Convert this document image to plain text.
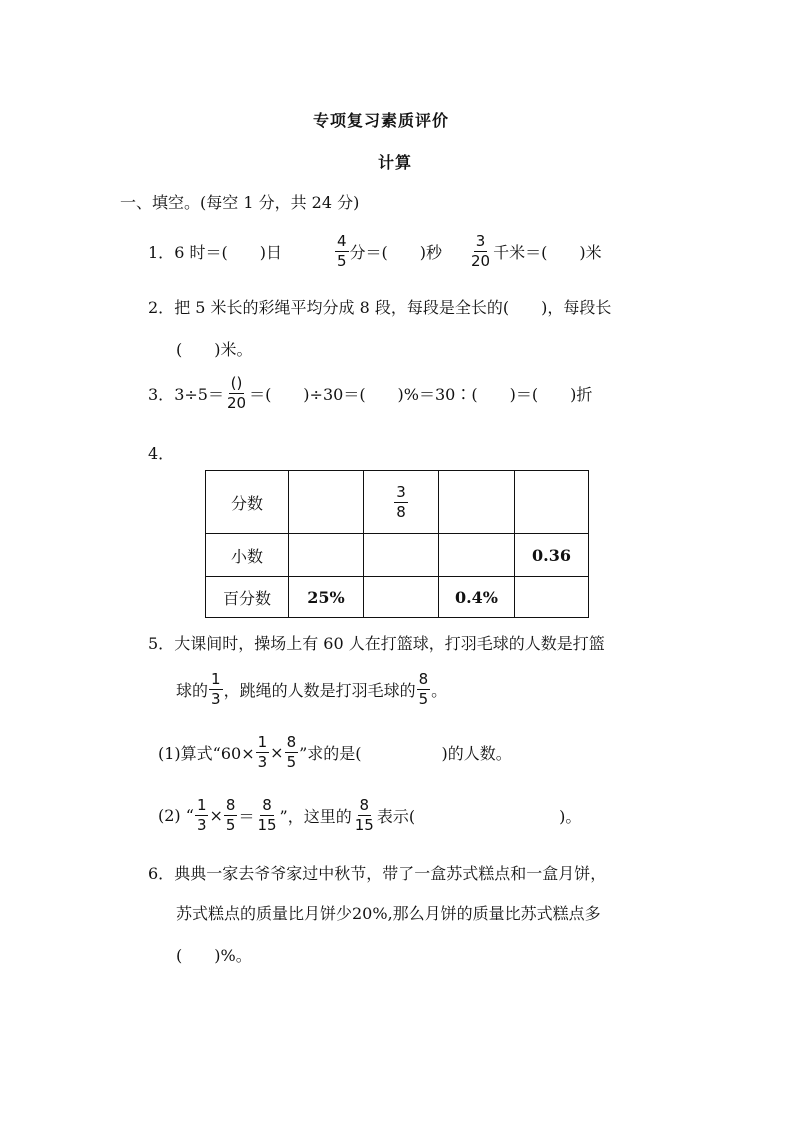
专项复习素质评价
计算
一、填空。(每空 1 分，共 24 分)
1． 6 时＝(　　)日	$\frac{4}{5}$ 分＝(　　)秒 $\frac{3}{20}$ 千米＝(　　)米
2．把 5 米长的彩绳平均分成 8 段，每段是全长的(　　)，每段长
(　　)米。
3． $3\div 5= \frac{()}{20}$ ＝(　　)÷30＝(　　)%＝30∶(　　)＝(　　)折
4．
分数		$\frac{3}{8}$

小数				0.36
百分数	25%		0.4%	
5．大课间时，操场上有 60 人在打篮球，打羽毛球的人数是打篮
球的 $\frac{1}{3}$ ，跳绳的人数是打羽毛球的 $\frac{8}{5}$ 。
(1)算式“$60\times \frac{1}{3} \times \frac{8}{5}$ ”求的是(　　　　　)的人数。
(2) “ $\frac{1}{3} \times \frac{8}{5} = \frac{8}{15}$ ”，这里的 $\frac{8}{15}$ 表示(　　　　　　　　　)。
6．典典一家去爷爷家过中秋节，带了一盒苏式糕点和一盒月饼，
苏式糕点的质量比月饼少20%,那么月饼的质量比苏式糕点多
(　　)%。
